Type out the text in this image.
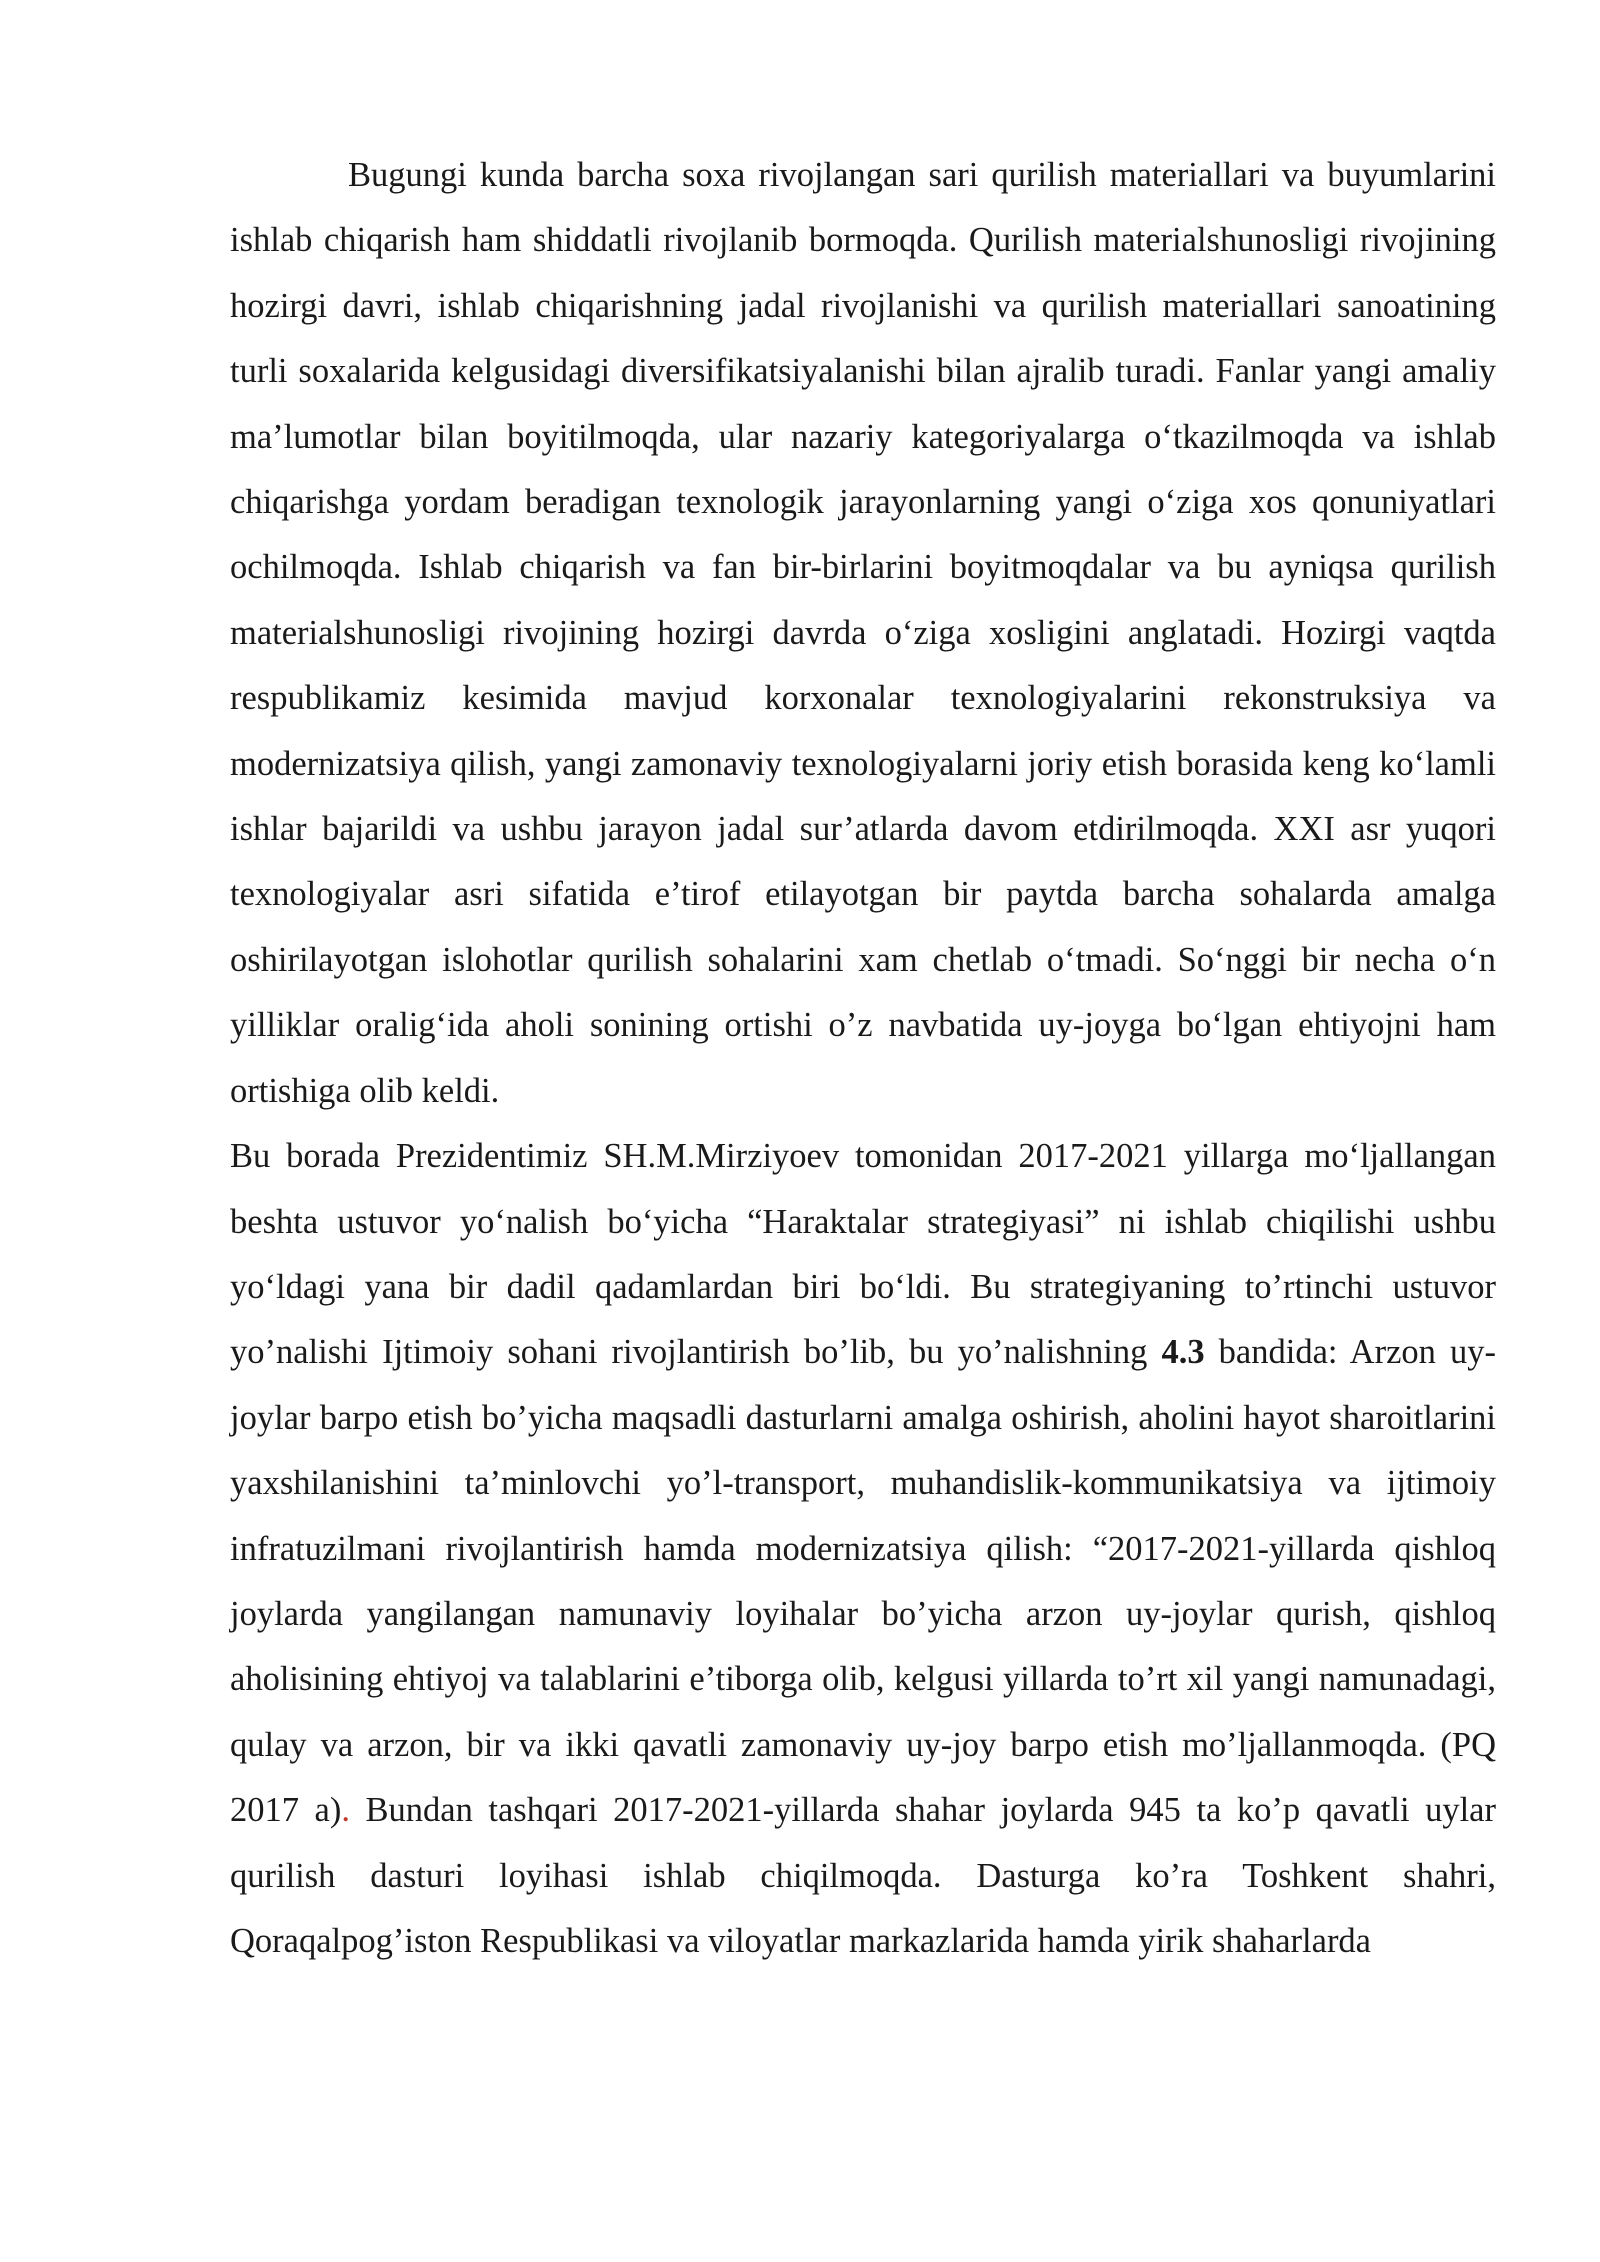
Bugungi kunda barcha soxa rivojlangan sari qurilish materiallari va buyumlarini ishlab chiqarish ham shiddatli rivojlanib bormoqda. Qurilish materialshunosligi rivojining hozirgi davri, ishlab chiqarishning jadal rivojlanishi va qurilish materiallari sanoatining turli soxalarida kelgusidagi diversifikatsiyalanishi bilan ajralib turadi. Fanlar yangi amaliy ma’lumotlar bilan boyitilmoqda, ular nazariy kategoriyalarga o‘tkazilmoqda va ishlab chiqarishga yordam beradigan texnologik jarayonlarning yangi o‘ziga xos qonuniyatlari ochilmoqda. Ishlab chiqarish va fan bir-birlarini boyitmoqdalar va bu ayniqsa qurilish materialshunosligi rivojining hozirgi davrda o‘ziga xosligini anglatadi. Hozirgi vaqtda respublikamiz kesimida mavjud korxonalar texnologiyalarini rekonstruksiya va modernizatsiya qilish, yangi zamonaviy texnologiyalarni joriy etish borasida keng ko‘lamli ishlar bajarildi va ushbu jarayon jadal sur’atlarda davom etdirilmoqda. XXI asr yuqori texnologiyalar asri sifatida e’tirof etilayotgan bir paytda barcha sohalarda amalga oshirilayotgan islohotlar qurilish sohalarini xam chetlab o‘tmadi. So‘nggi bir necha o‘n yilliklar oralig‘ida aholi sonining ortishi o’z navbatida uy-joyga bo‘lgan ehtiyojni ham ortishiga olib keldi.

Bu borada Prezidentimiz SH.M.Mirziyoev tomonidan 2017-2021 yillarga mo‘ljallangan beshta ustuvor yo‘nalish bo‘yicha “Haraktalar strategiyasi” ni ishlab chiqilishi ushbu yo‘ldagi yana bir dadil qadamlardan biri bo‘ldi. Bu strategiyaning to’rtinchi ustuvor yo’nalishi Ijtimoiy sohani rivojlantirish bo’lib, bu yo’nalishning 4.3 bandida: Arzon uy-joylar barpo etish bo’yicha maqsadli dasturlarni amalga oshirish, aholini hayot sharoitlarini yaxshilanishini ta’minlovchi yo’l-transport, muhandislik-kommunikatsiya va ijtimoiy infratuzilmani rivojlantirish hamda modernizatsiya qilish: “2017-2021-yillarda qishloq joylarda yangilangan namunaviy loyihalar bo’yicha arzon uy-joylar qurish, qishloq aholisining ehtiyoj va talablarini e’tiborga olib, kelgusi yillarda to’rt xil yangi namunadagi, qulay va arzon, bir va ikki qavatli zamonaviy uy-joy barpo etish mo’ljallanmoqda. (PQ 2017 a). Bundan tashqari 2017-2021-yillarda shahar joylarda 945 ta ko’p qavatli uylar qurilish dasturi loyihasi ishlab chiqilmoqda. Dasturga ko’ra Toshkent shahri, Qoraqalpog’iston Respublikasi va viloyatlar markazlarida hamda yirik shaharlarda
